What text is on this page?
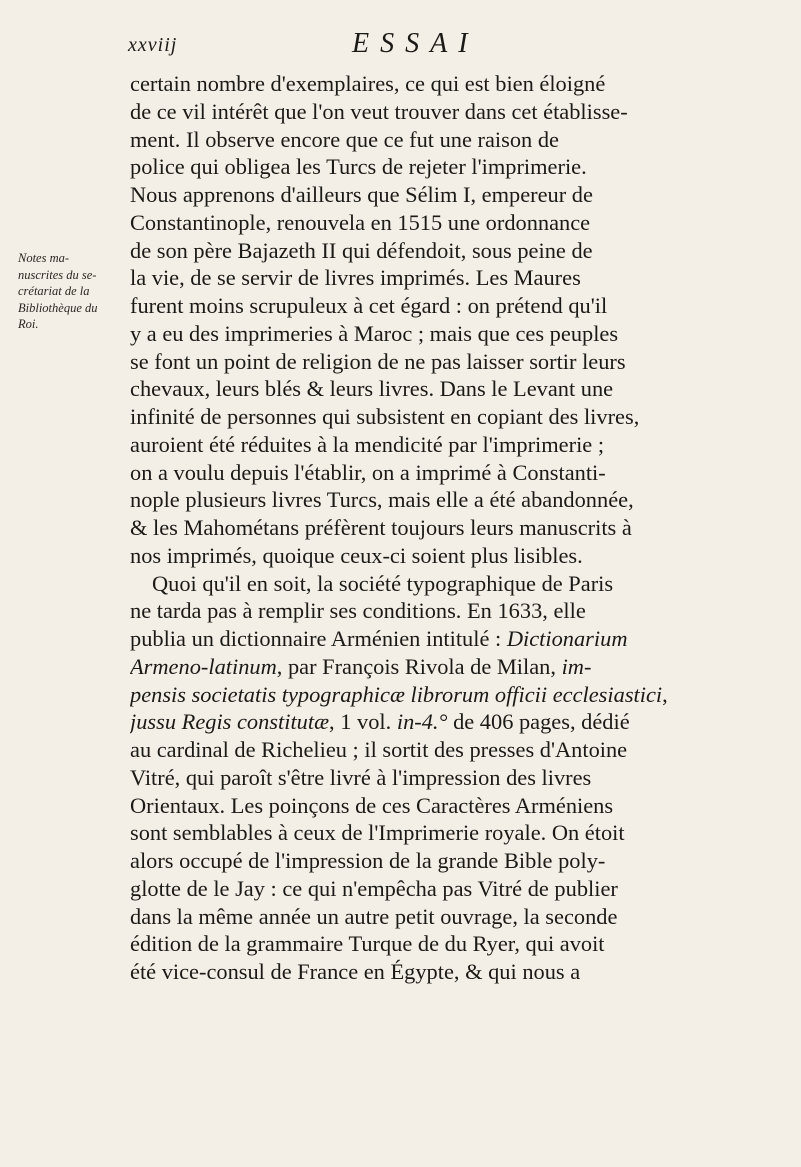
xxviij	ESSAI
Notes ma-
nuscrites du se-
crétariat de la
Bibliothèque du
Roi.
certain nombre d'exemplaires, ce qui est bien éloigné
de ce vil intérêt que l'on veut trouver dans cet établisse-
ment. Il observe encore que ce fut une raison de
police qui obligea les Turcs de rejeter l'imprimerie.
Nous apprenons d'ailleurs que Sélim I, empereur de
Constantinople, renouvela en 1515 une ordonnance
de son père Bajazeth II qui défendoit, sous peine de
la vie, de se servir de livres imprimés. Les Maures
furent moins scrupuleux à cet égard : on prétend qu'il
y a eu des imprimeries à Maroc ; mais que ces peuples
se font un point de religion de ne pas laisser sortir leurs
chevaux, leurs blés & leurs livres. Dans le Levant une
infinité de personnes qui subsistent en copiant des livres,
auroient été réduites à la mendicité par l'imprimerie ;
on a voulu depuis l'établir, on a imprimé à Constanti-
nople plusieurs livres Turcs, mais elle a été abandonnée,
& les Mahométans préfèrent toujours leurs manuscrits à
nos imprimés, quoique ceux-ci soient plus lisibles.
Quoi qu'il en soit, la société typographique de Paris
ne tarda pas à remplir ses conditions. En 1633, elle
publia un dictionnaire Arménien intitulé : Dictionarium
Armeno-latinum, par François Rivola de Milan, im-
pensis societatis typographicæ librorum officii ecclesiastici,
jussu Regis constitutæ, 1 vol. in-4.° de 406 pages, dédié
au cardinal de Richelieu ; il sortit des presses d'Antoine
Vitré, qui paroît s'être livré à l'impression des livres
Orientaux. Les poinçons de ces Caractères Arméniens
sont semblables à ceux de l'Imprimerie royale. On étoit
alors occupé de l'impression de la grande Bible poly-
glotte de le Jay : ce qui n'empêcha pas Vitré de publier
dans la même année un autre petit ouvrage, la seconde
édition de la grammaire Turque de du Ryer, qui avoit
été vice-consul de France en Égypte, & qui nous a
